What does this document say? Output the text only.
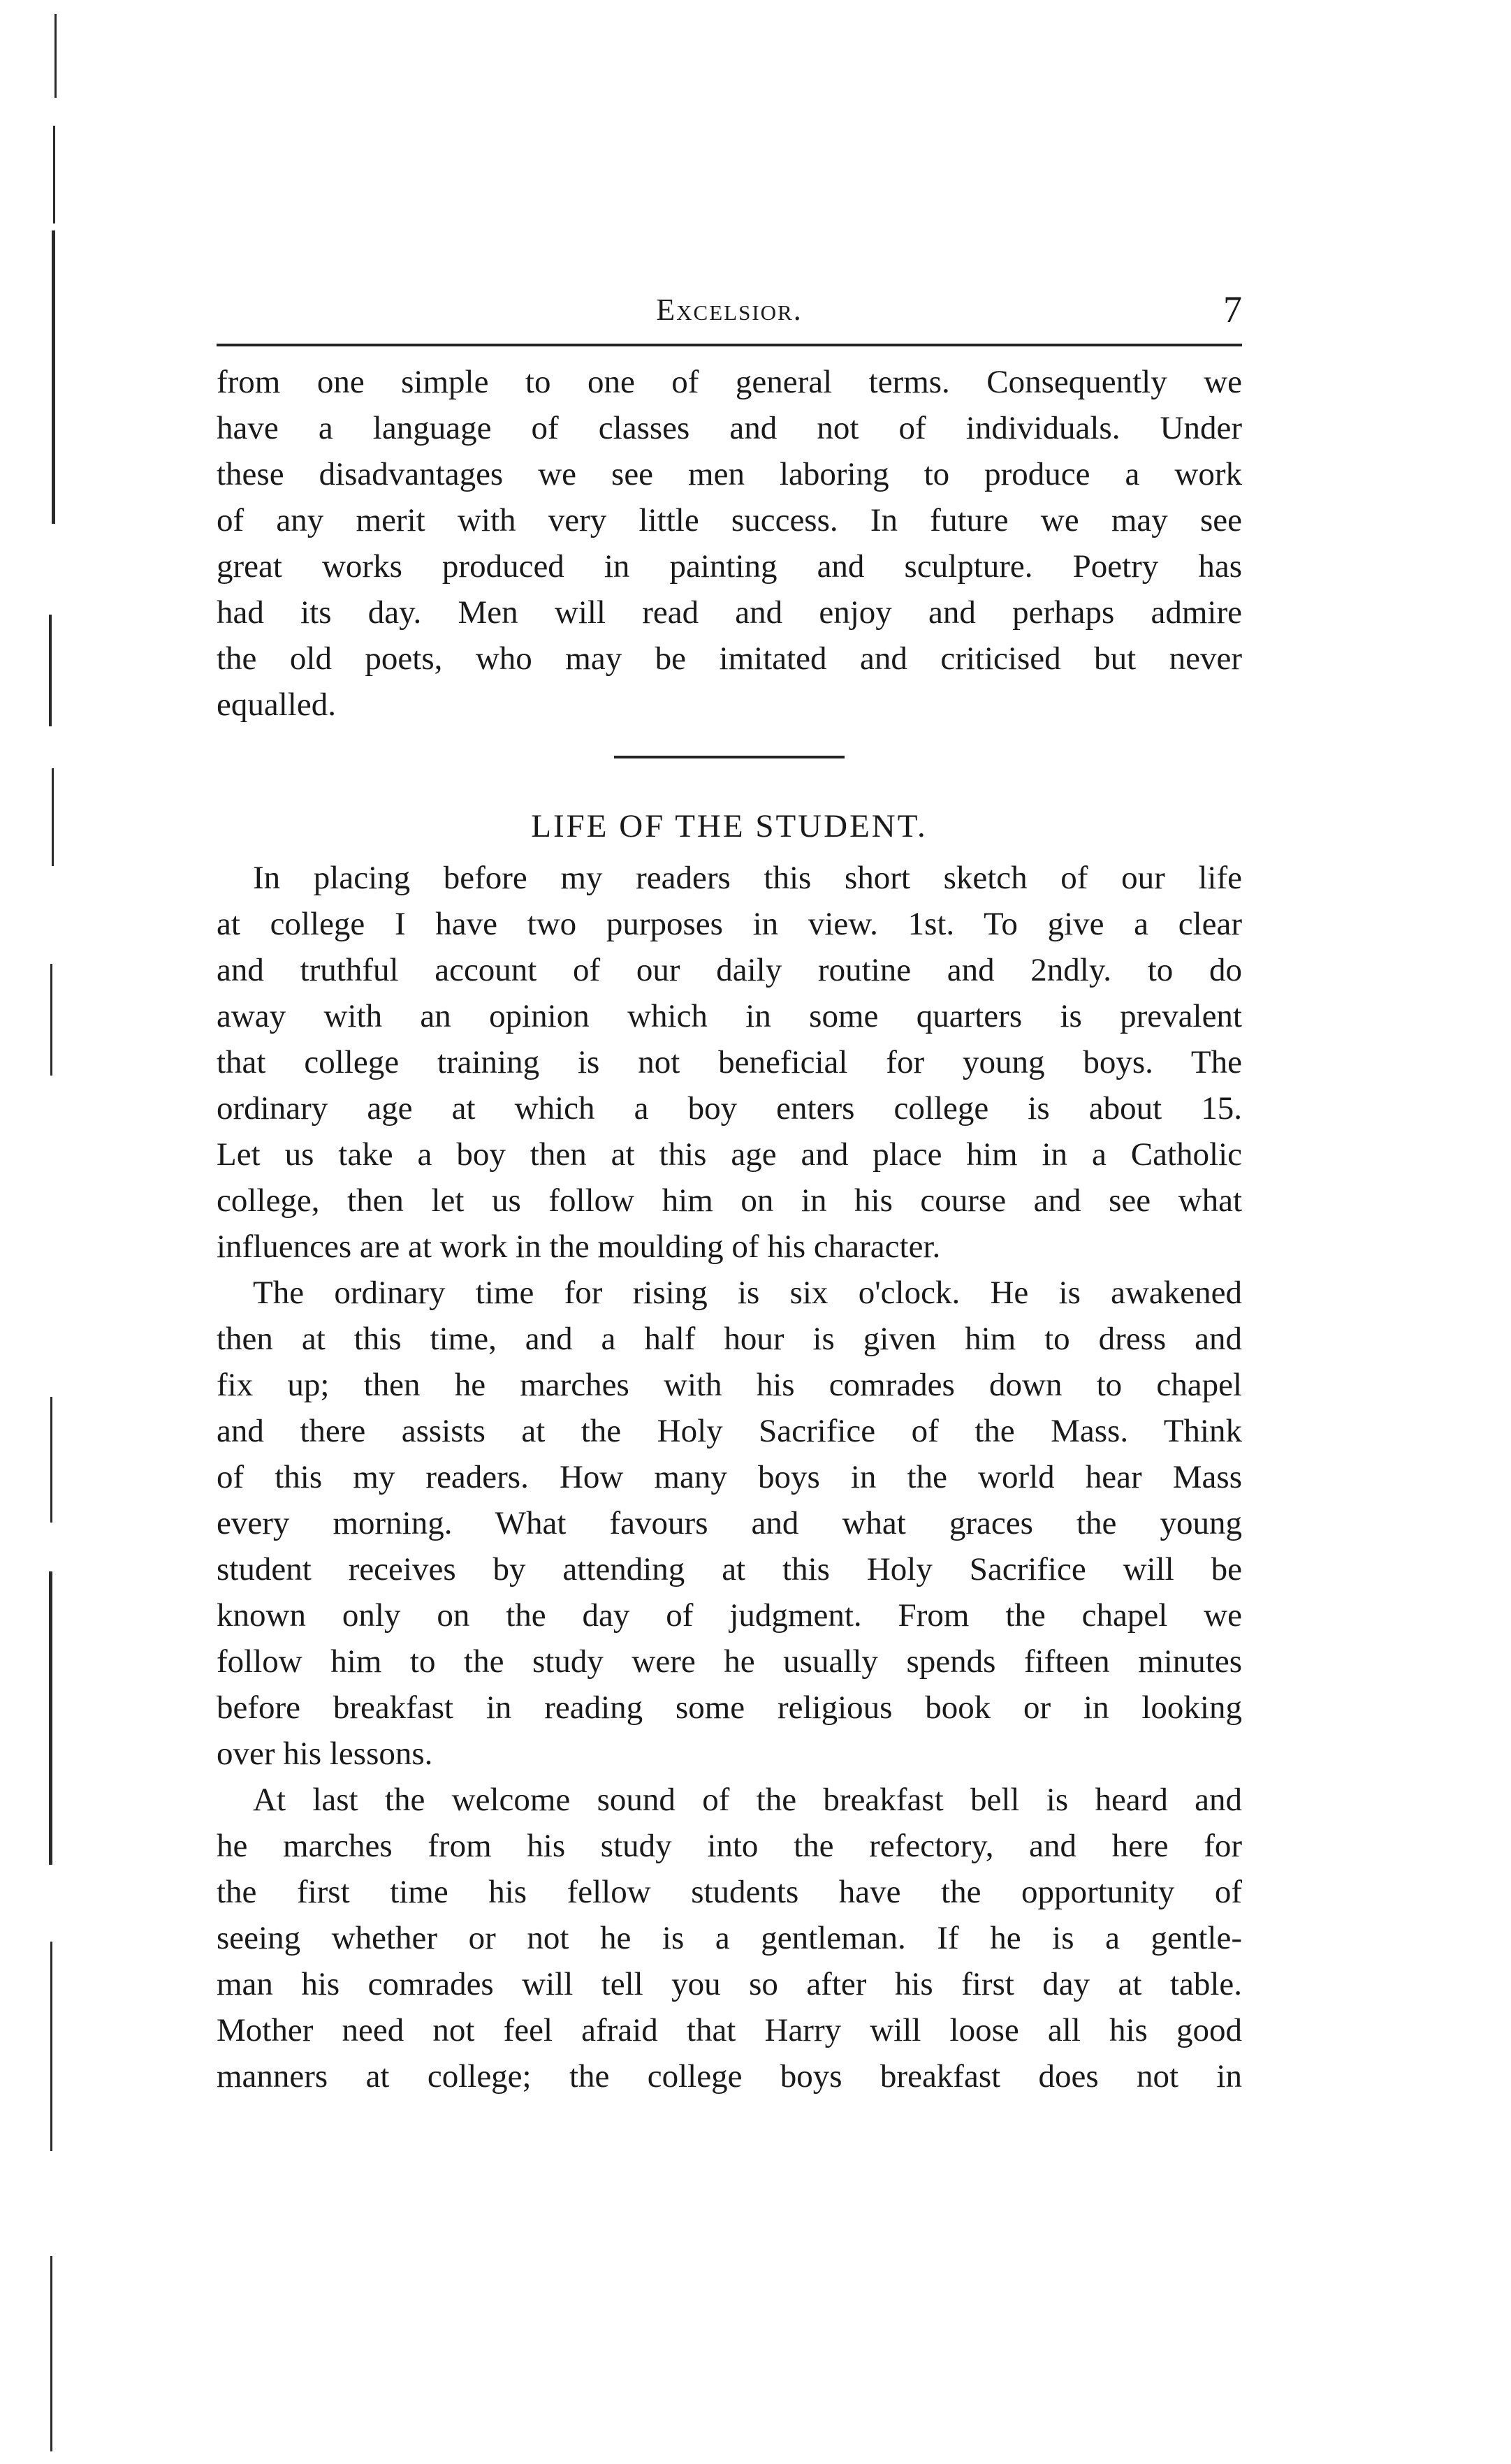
Excelsior.	7
from one simple to one of general terms. Consequently we
have a language of classes and not of individuals. Under
these disadvantages we see men laboring to produce a work
of any merit with very little success. In future we may see
great works produced in painting and sculpture. Poetry has
had its day. Men will read and enjoy and perhaps admire
the old poets, who may be imitated and criticised but never
equalled.
LIFE OF THE STUDENT.
In placing before my readers this short sketch of our life
at college I have two purposes in view. 1st. To give a clear
and truthful account of our daily routine and 2ndly. to do
away with an opinion which in some quarters is prevalent
that college training is not beneficial for young boys. The
ordinary age at which a boy enters college is about 15.
Let us take a boy then at this age and place him in a Catholic
college, then let us follow him on in his course and see what
influences are at work in the moulding of his character.
The ordinary time for rising is six o'clock. He is awakened
then at this time, and a half hour is given him to dress and
fix up; then he marches with his comrades down to chapel
and there assists at the Holy Sacrifice of the Mass. Think
of this my readers. How many boys in the world hear Mass
every morning. What favours and what graces the young
student receives by attending at this Holy Sacrifice will be
known only on the day of judgment. From the chapel we
follow him to the study were he usually spends fifteen minutes
before breakfast in reading some religious book or in looking
over his lessons.
At last the welcome sound of the breakfast bell is heard and
he marches from his study into the refectory, and here for
the first time his fellow students have the opportunity of
seeing whether or not he is a gentleman. If he is a gentle-
man his comrades will tell you so after his first day at table.
Mother need not feel afraid that Harry will loose all his good
manners at college; the college boys breakfast does not in
